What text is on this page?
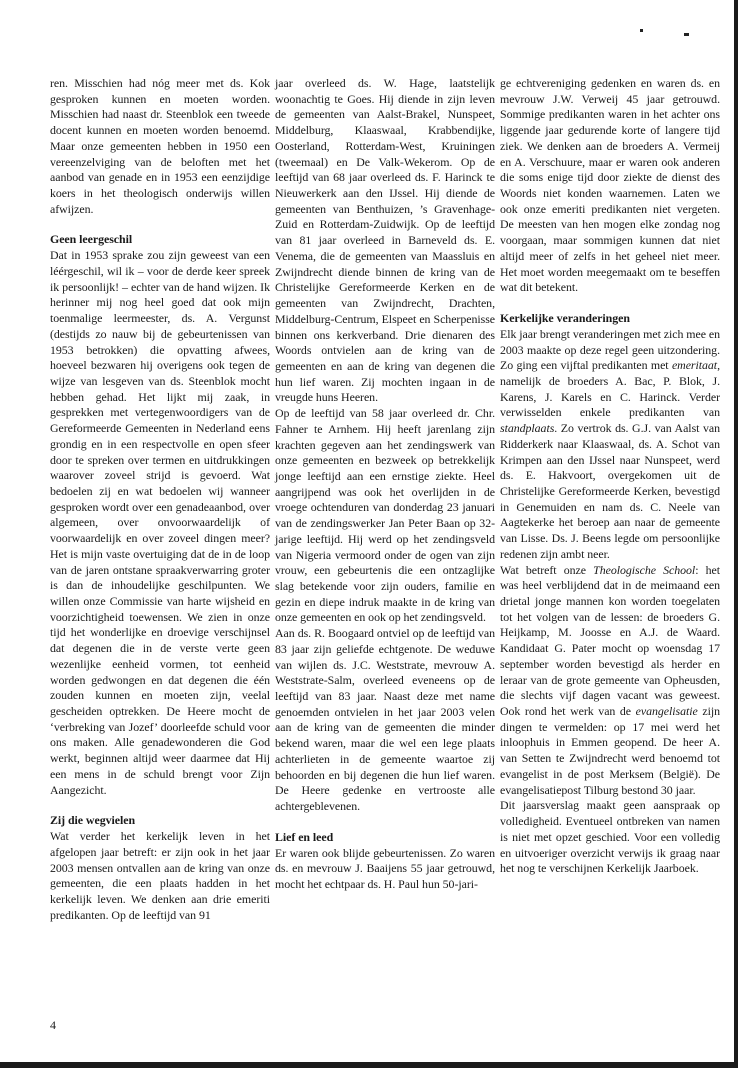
ren. Misschien had nóg meer met ds. Kok gesproken kunnen en moeten worden. Misschien had naast dr. Steenblok een tweede docent kunnen en moeten worden benoemd. Maar onze gemeenten hebben in 1950 een vereenzelviging van de beloften met het aanbod van genade en in 1953 een eenzijdige koers in het theologisch onderwijs willen afwijzen.

Geen leergeschil

Dat in 1953 sprake zou zijn geweest van een léérgeschil, wil ik – voor de derde keer spreek ik persoonlijk! – echter van de hand wijzen. Ik herinner mij nog heel goed dat ook mijn toenmalige leermeester, ds. A. Vergunst (destijds zo nauw bij de gebeurtenissen van 1953 betrokken) die opvatting afwees, hoeveel bezwaren hij overigens ook tegen de wijze van lesgeven van ds. Steenblok mocht hebben gehad. Het lijkt mij zaak, in gesprekken met vertegenwoordigers van de Gereformeerde Gemeenten in Nederland eens grondig en in een respectvolle en open sfeer door te spreken over termen en uitdrukkingen waarover zoveel strijd is gevoerd. Wat bedoelen zij en wat bedoelen wij wanneer gesproken wordt over een genadeaanbod, over algemeen, over onvoorwaardelijk of voorwaardelijk en over zoveel dingen meer? Het is mijn vaste overtuiging dat de in de loop van de jaren ontstane spraakverwarring groter is dan de inhoudelijke geschilpunten. We willen onze Commissie van harte wijsheid en voorzichtigheid toewensen. We zien in onze tijd het wonderlijke en droevige verschijnsel dat degenen die in de verste verte geen wezenlijke eenheid vormen, tot eenheid worden gedwongen en dat degenen die één zouden kunnen en moeten zijn, veelal gescheiden optrekken. De Heere mocht de ‘verbreking van Jozef’ doorleefde schuld voor ons maken. Alle genadewonderen die God werkt, beginnen altijd weer daarmee dat Hij een mens in de schuld brengt voor Zijn Aangezicht.

Zij die wegvielen

Wat verder het kerkelijk leven in het afgelopen jaar betreft: er zijn ook in het jaar 2003 mensen ontvallen aan de kring van onze gemeenten, die een plaats hadden in het kerkelijk leven. We denken aan drie emeriti predikanten. Op de leeftijd van 91

jaar overleed ds. W. Hage, laatstelijk woonachtig te Goes. Hij diende in zijn leven de gemeenten van Aalst-Brakel, Nunspeet, Middelburg, Klaaswaal, Krabbendijke, Oosterland, Rotterdam-West, Kruiningen (tweemaal) en De Valk-Wekerom. Op de leeftijd van 68 jaar overleed ds. F. Harinck te Nieuwerkerk aan den IJssel. Hij diende de gemeenten van Benthuizen, ’s Gravenhage-Zuid en Rotterdam-Zuidwijk. Op de leeftijd van 81 jaar overleed in Barneveld ds. E. Venema, die de gemeenten van Maassluis en Zwijndrecht diende binnen de kring van de Christelijke Gereformeerde Kerken en de gemeenten van Zwijndrecht, Drachten, Middelburg-Centrum, Elspeet en Scherpenisse binnen ons kerkverband. Drie dienaren des Woords ontvielen aan de kring van de gemeenten en aan de kring van degenen die hun lief waren. Zij mochten ingaan in de vreugde huns Heeren.

Op de leeftijd van 58 jaar overleed dr. Chr. Fahner te Arnhem. Hij heeft jarenlang zijn krachten gegeven aan het zendingswerk van onze gemeenten en bezweek op betrekkelijk jonge leeftijd aan een ernstige ziekte. Heel aangrijpend was ook het overlijden in de vroege ochtenduren van donderdag 23 januari van de zendingswerker Jan Peter Baan op 32-jarige leeftijd. Hij werd op het zendingsveld van Nigeria vermoord onder de ogen van zijn vrouw, een gebeurtenis die een ontzaglijke slag betekende voor zijn ouders, familie en gezin en diepe indruk maakte in de kring van onze gemeenten en ook op het zendingsveld.

Aan ds. R. Boogaard ontviel op de leeftijd van 83 jaar zijn geliefde echtgenote. De weduwe van wijlen ds. J.C. Weststrate, mevrouw A. Weststrate-Salm, overleed eveneens op de leeftijd van 83 jaar. Naast deze met name genoemden ontvielen in het jaar 2003 velen aan de kring van de gemeenten die minder bekend waren, maar die wel een lege plaats achterlieten in de gemeente waartoe zij behoorden en bij degenen die hun lief waren. De Heere gedenke en vertrooste alle achtergeblevenen.

Lief en leed

Er waren ook blijde gebeurtenissen. Zo waren ds. en mevrouw J. Baaijens 55 jaar getrouwd, mocht het echtpaar ds. H. Paul hun 50-jari-

ge echtvereniging gedenken en waren ds. en mevrouw J.W. Verweij 45 jaar getrouwd. Sommige predikanten waren in het achter ons liggende jaar gedurende korte of langere tijd ziek. We denken aan de broeders A. Vermeij en A. Verschuure, maar er waren ook anderen die soms enige tijd door ziekte de dienst des Woords niet konden waarnemen. Laten we ook onze emeriti predikanten niet vergeten. De meesten van hen mogen elke zondag nog voorgaan, maar sommigen kunnen dat niet altijd meer of zelfs in het geheel niet meer. Het moet worden meegemaakt om te beseffen wat dit betekent.

Kerkelijke veranderingen

Elk jaar brengt veranderingen met zich mee en 2003 maakte op deze regel geen uitzondering. Zo ging een vijftal predikanten met emeritaat, namelijk de broeders A. Bac, P. Blok, J. Karens, J. Karels en C. Harinck. Verder verwisselden enkele predikanten van standplaats. Zo vertrok ds. G.J. van Aalst van Ridderkerk naar Klaaswaal, ds. A. Schot van Krimpen aan den IJssel naar Nunspeet, werd ds. E. Hakvoort, overgekomen uit de Christelijke Gereformeerde Kerken, bevestigd in Genemuiden en nam ds. C. Neele van Aagtekerke het beroep aan naar de gemeente van Lisse. Ds. J. Beens legde om persoonlijke redenen zijn ambt neer.

Wat betreft onze Theologische School: het was heel verblijdend dat in de meimaand een drietal jonge mannen kon worden toegelaten tot het volgen van de lessen: de broeders G. Heijkamp, M. Joosse en A.J. de Waard. Kandidaat G. Pater mocht op woensdag 17 september worden bevestigd als herder en leraar van de grote gemeente van Opheusden, die slechts vijf dagen vacant was geweest. Ook rond het werk van de evangelisatie zijn dingen te vermelden: op 17 mei werd het inloophuis in Emmen geopend. De heer A. van Setten te Zwijndrecht werd benoemd tot evangelist in de post Merksem (België). De evangelisatiepost Tilburg bestond 30 jaar.

Dit jaarsverslag maakt geen aanspraak op volledigheid. Eventueel ontbreken van namen is niet met opzet geschied. Voor een volledig en uitvoeriger overzicht verwijs ik graag naar het nog te verschijnen Kerkelijk Jaarboek.

4
